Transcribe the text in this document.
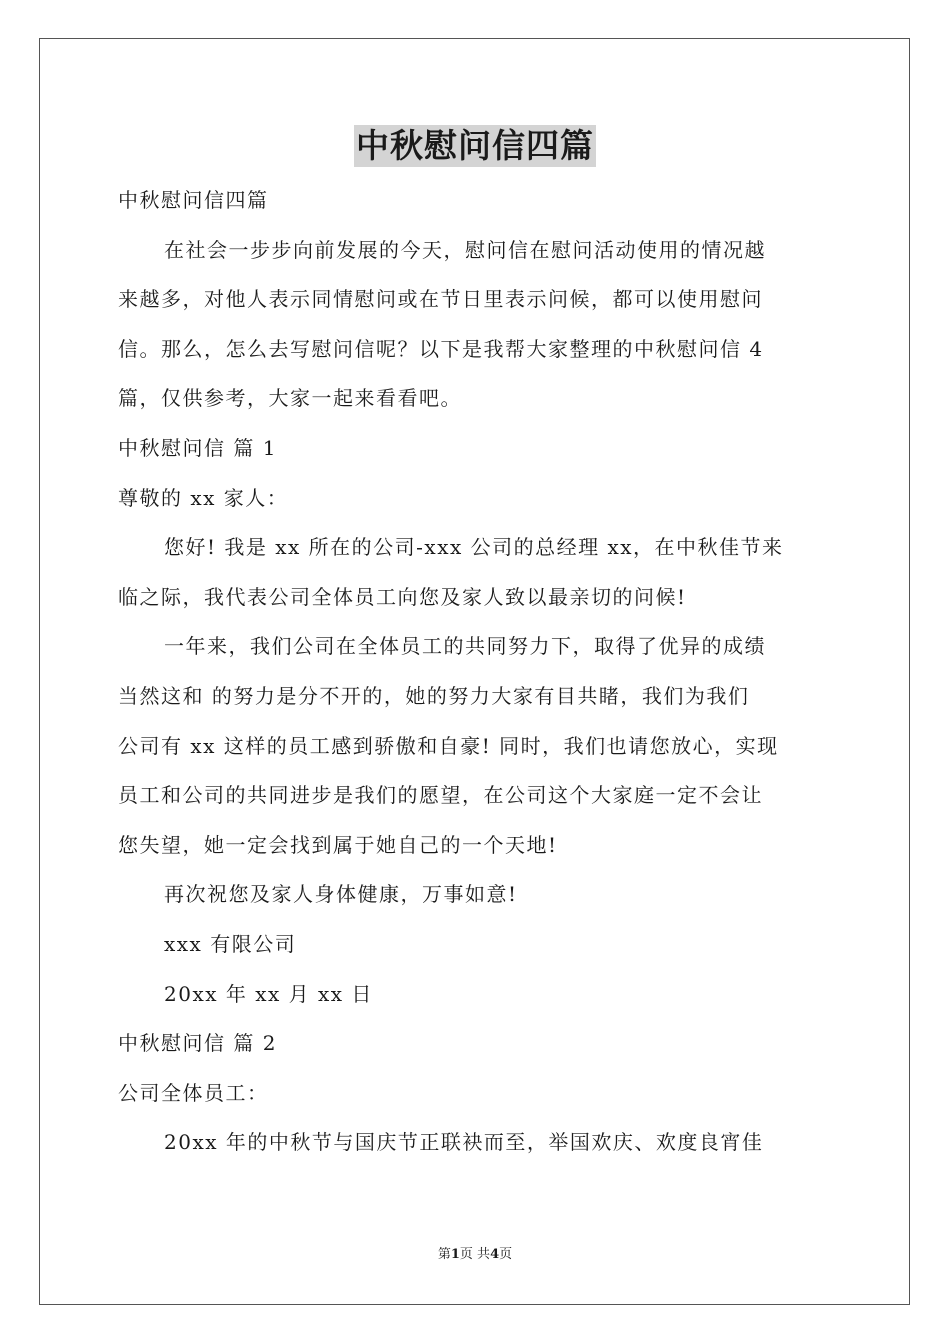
中秋慰问信四篇
中秋慰问信四篇
在社会一步步向前发展的今天，慰问信在慰问活动使用的情况越
来越多，对他人表示同情慰问或在节日里表示问候，都可以使用慰问
信。那么，怎么去写慰问信呢？以下是我帮大家整理的中秋慰问信 4
篇，仅供参考，大家一起来看看吧。
中秋慰问信 篇 1
尊敬的 xx 家人：
您好! 我是 xx 所在的公司-xxx 公司的总经理 xx，在中秋佳节来
临之际，我代表公司全体员工向您及家人致以最亲切的问候!
一年来，我们公司在全体员工的共同努力下，取得了优异的成绩
当然这和 的努力是分不开的，她的努力大家有目共睹，我们为我们
公司有 xx 这样的员工感到骄傲和自豪! 同时，我们也请您放心，实现
员工和公司的共同进步是我们的愿望，在公司这个大家庭一定不会让
您失望，她一定会找到属于她自己的一个天地!
再次祝您及家人身体健康，万事如意!
xxx 有限公司
20xx 年 xx 月 xx 日
中秋慰问信 篇 2
公司全体员工：
20xx 年的中秋节与国庆节正联袂而至，举国欢庆、欢度良宵佳
第1页 共4页
